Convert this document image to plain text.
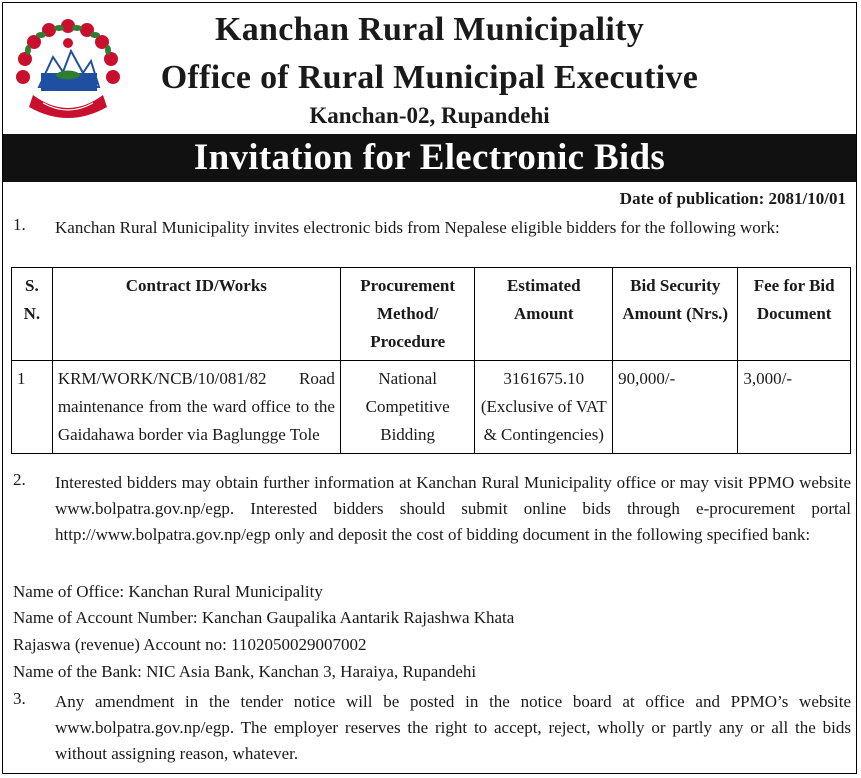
Kanchan Rural Municipality
Office of Rural Municipal Executive
Kanchan-02, Rupandehi
Invitation for Electronic Bids
Date of publication: 2081/10/01
1. Kanchan Rural Municipality invites electronic bids from Nepalese eligible bidders for the following work:
S. N.	Contract ID/Works	Procurement Method/ Procedure	Estimated Amount	Bid Security Amount (Nrs.)	Fee for Bid Document
1	KRM/WORK/NCB/10/081/82 Road maintenance from the ward office to the Gaidahawa border via Baglungge Tole	National Competitive Bidding	3161675.10 (Exclusive of VAT & Contingencies)	90,000/-	3,000/-
2. Interested bidders may obtain further information at Kanchan Rural Municipality office or may visit PPMO website www.bolpatra.gov.np/egp. Interested bidders should submit online bids through e-procurement portal http://www.bolpatra.gov.np/egp only and deposit the cost of bidding document in the following specified bank:
Name of Office: Kanchan Rural Municipality
Name of Account Number: Kanchan Gaupalika Aantarik Rajashwa Khata
Rajaswa (revenue) Account no: 1102050029007002
Name of the Bank: NIC Asia Bank, Kanchan 3, Haraiya, Rupandehi
3. Any amendment in the tender notice will be posted in the notice board at office and PPMO’s website www.bolpatra.gov.np/egp. The employer reserves the right to accept, reject, wholly or partly any or all the bids without assigning reason, whatever.
